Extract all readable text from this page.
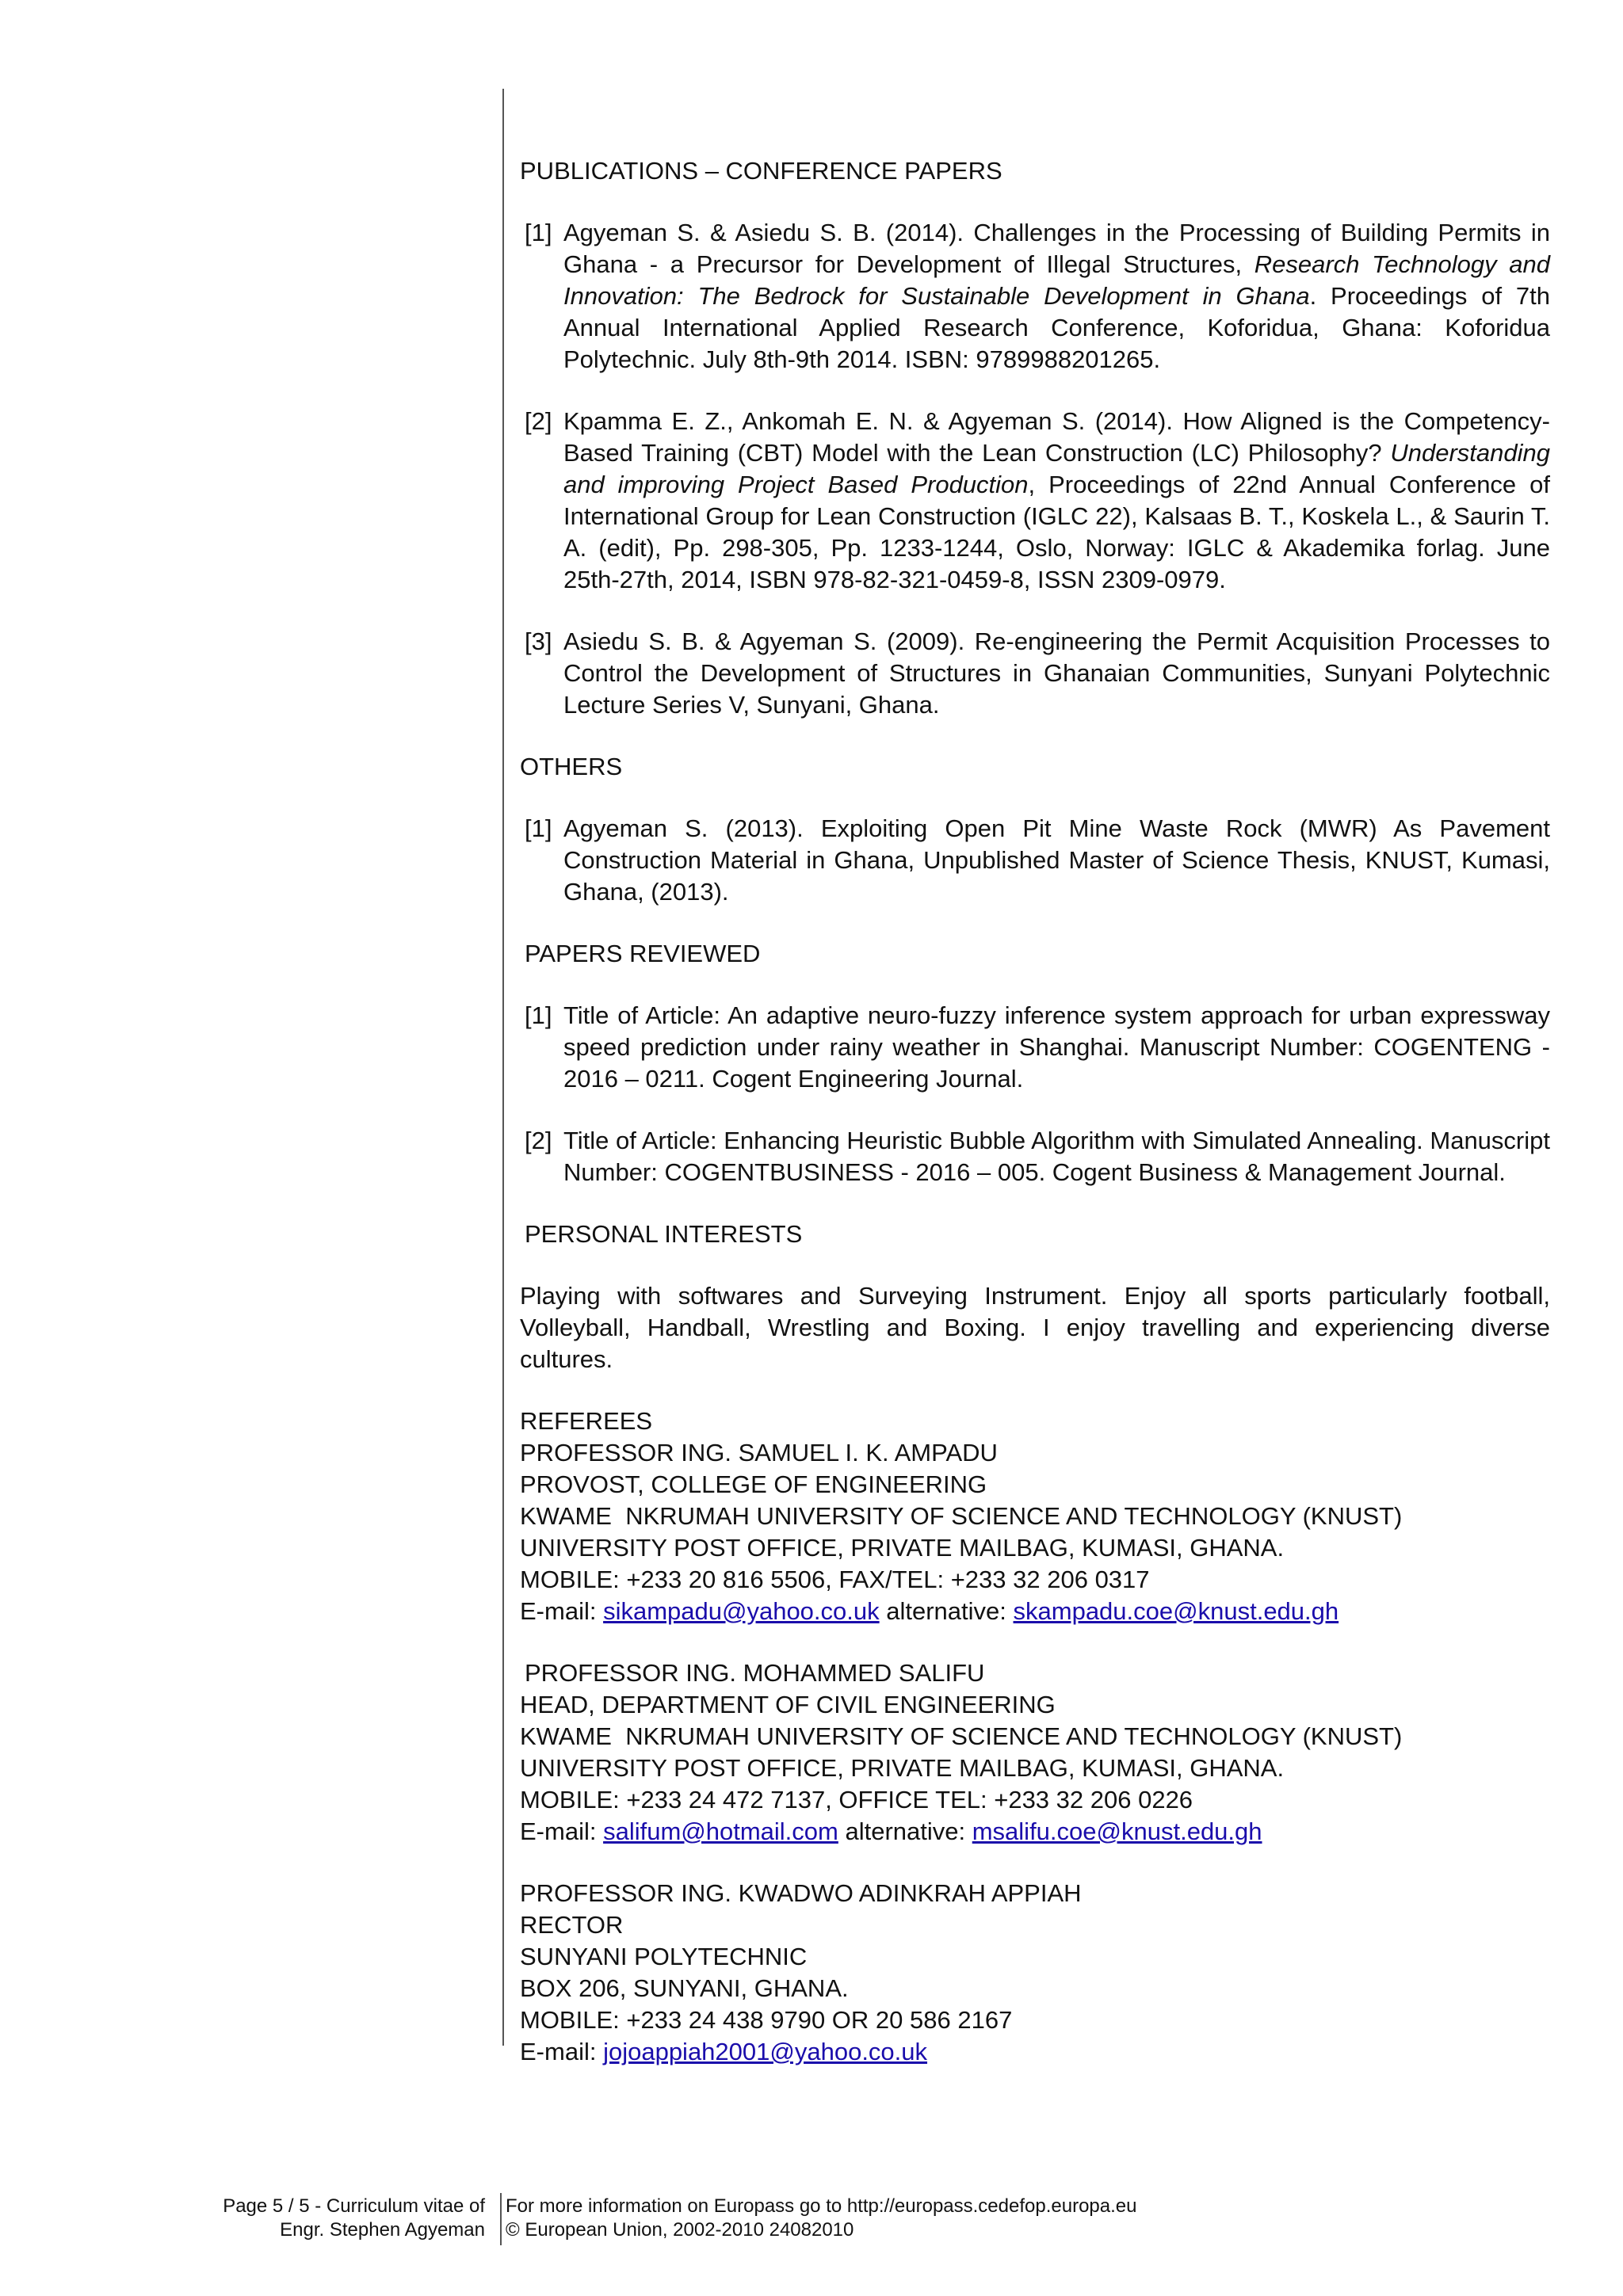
PUBLICATIONS – CONFERENCE PAPERS
[1] Agyeman S. & Asiedu S. B. (2014). Challenges in the Processing of Building Permits in Ghana - a Precursor for Development of Illegal Structures, Research Technology and Innovation: The Bedrock for Sustainable Development in Ghana. Proceedings of 7th Annual International Applied Research Conference, Koforidua, Ghana: Koforidua Polytechnic. July 8th-9th 2014. ISBN: 9789988201265.
[2] Kpamma E. Z., Ankomah E. N. & Agyeman S. (2014). How Aligned is the Competency-Based Training (CBT) Model with the Lean Construction (LC) Philosophy? Understanding and improving Project Based Production, Proceedings of 22nd Annual Conference of International Group for Lean Construction (IGLC 22), Kalsaas B. T., Koskela L., & Saurin T. A. (edit), Pp. 298-305, Pp. 1233-1244, Oslo, Norway: IGLC & Akademika forlag. June 25th-27th, 2014, ISBN 978-82-321-0459-8, ISSN 2309-0979.
[3] Asiedu S. B. & Agyeman S. (2009). Re-engineering the Permit Acquisition Processes to Control the Development of Structures in Ghanaian Communities, Sunyani Polytechnic Lecture Series V, Sunyani, Ghana.
OTHERS
[1] Agyeman S. (2013). Exploiting Open Pit Mine Waste Rock (MWR) As Pavement Construction Material in Ghana, Unpublished Master of Science Thesis, KNUST, Kumasi, Ghana, (2013).
PAPERS REVIEWED
[1] Title of Article: An adaptive neuro-fuzzy inference system approach for urban expressway speed prediction under rainy weather in Shanghai. Manuscript Number: COGENTENG - 2016 – 0211. Cogent Engineering Journal.
[2] Title of Article: Enhancing Heuristic Bubble Algorithm with Simulated Annealing. Manuscript Number: COGENTBUSINESS - 2016 – 005. Cogent Business & Management Journal.
PERSONAL INTERESTS
Playing with softwares and Surveying Instrument. Enjoy all sports particularly football, Volleyball, Handball, Wrestling and Boxing. I enjoy travelling and experiencing diverse cultures.
REFEREES
PROFESSOR ING. SAMUEL I. K. AMPADU
PROVOST, COLLEGE OF ENGINEERING
KWAME  NKRUMAH UNIVERSITY OF SCIENCE AND TECHNOLOGY (KNUST)
UNIVERSITY POST OFFICE, PRIVATE MAILBAG, KUMASI, GHANA.
MOBILE: +233 20 816 5506, FAX/TEL: +233 32 206 0317
E-mail: sikampadu@yahoo.co.uk alternative: skampadu.coe@knust.edu.gh
PROFESSOR ING. MOHAMMED SALIFU
HEAD, DEPARTMENT OF CIVIL ENGINEERING
KWAME  NKRUMAH UNIVERSITY OF SCIENCE AND TECHNOLOGY (KNUST)
UNIVERSITY POST OFFICE, PRIVATE MAILBAG, KUMASI, GHANA.
MOBILE: +233 24 472 7137, OFFICE TEL: +233 32 206 0226
E-mail: salifum@hotmail.com alternative: msalifu.coe@knust.edu.gh
PROFESSOR ING. KWADWO ADINKRAH APPIAH
RECTOR
SUNYANI POLYTECHNIC
BOX 206, SUNYANI, GHANA.
MOBILE: +233 24 438 9790 OR 20 586 2167
E-mail: jojoappiah2001@yahoo.co.uk
Page 5 / 5 - Curriculum vitae of
Engr. Stephen Agyeman
For more information on Europass go to http://europass.cedefop.europa.eu
© European Union, 2002-2010 24082010
